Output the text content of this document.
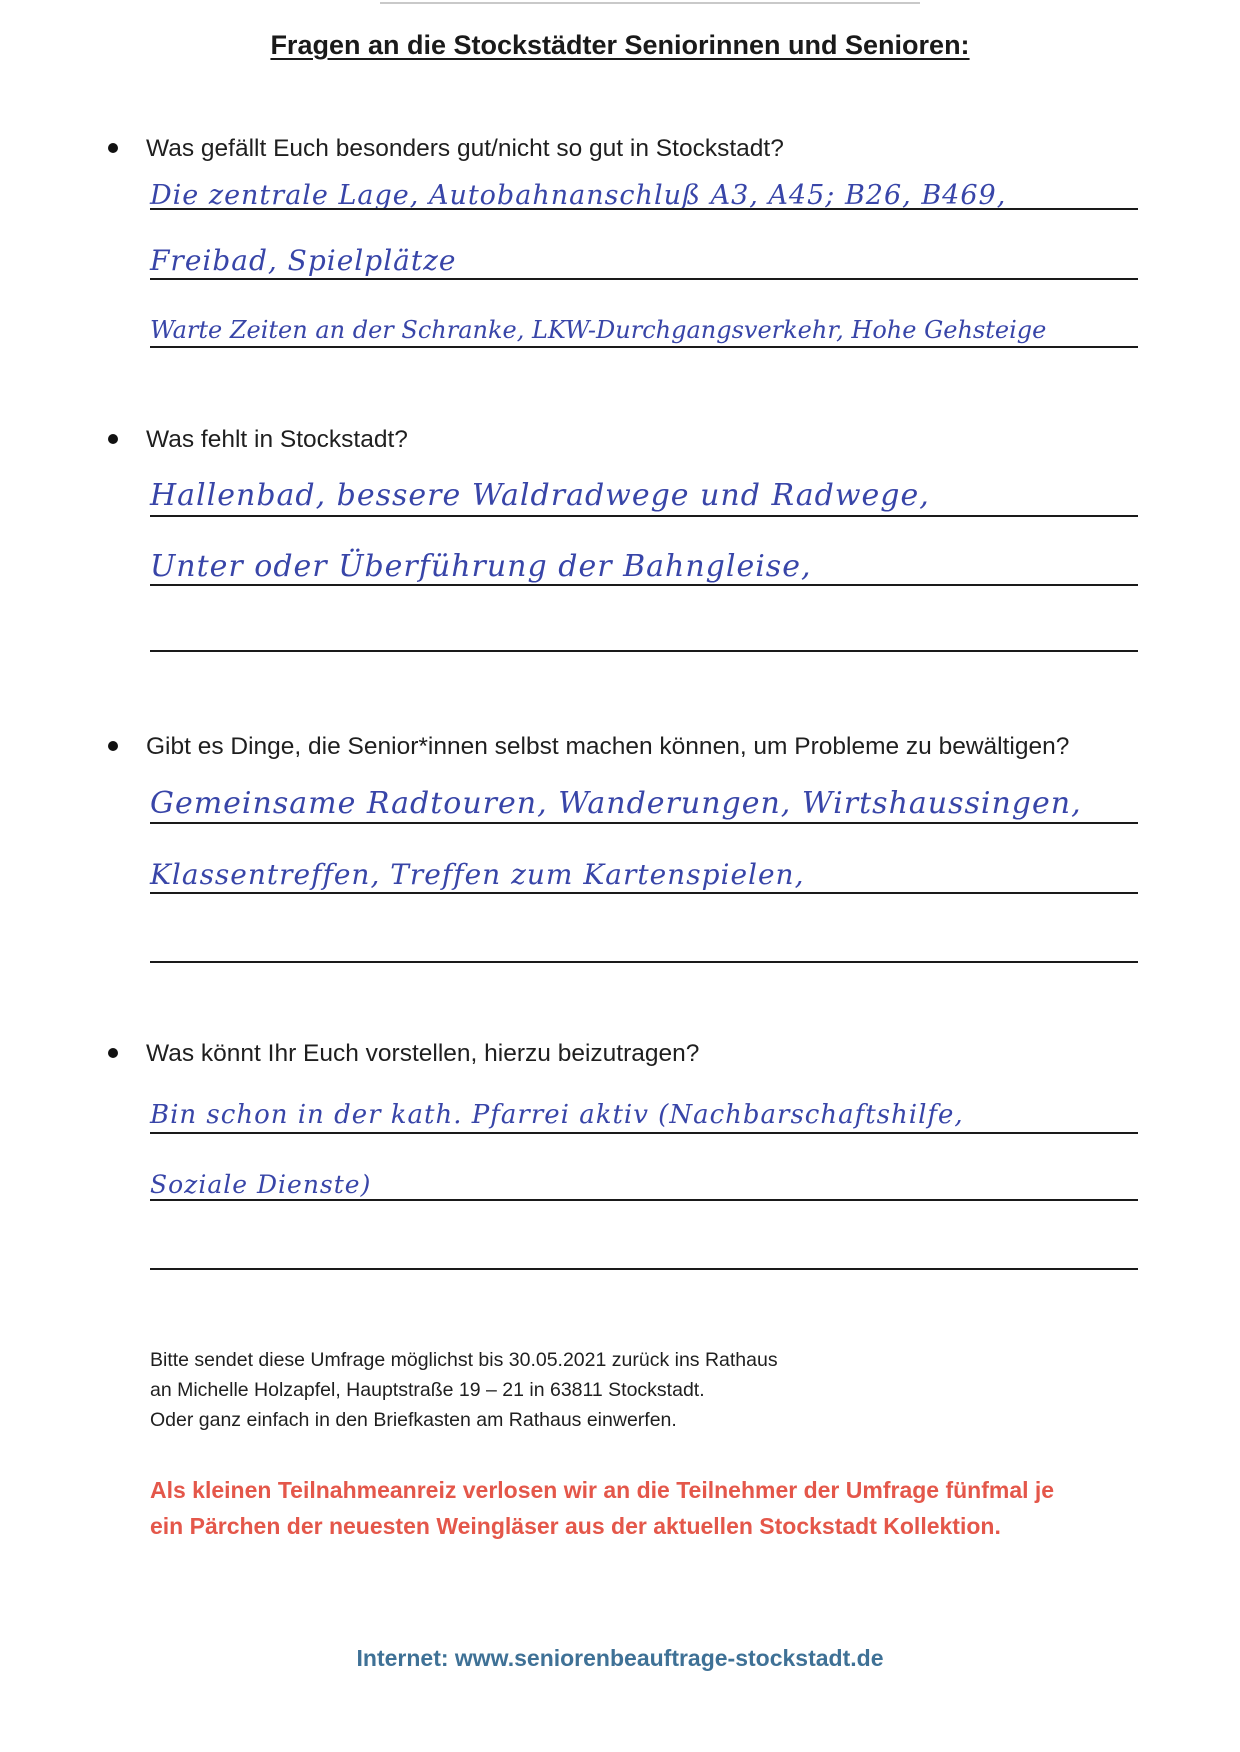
Fragen an die Stockstädter Seniorinnen und Senioren:
Was gefällt Euch besonders gut/nicht so gut in Stockstadt?
Die zentrale Lage, Autobahnanschluß A3, A45; B26, B469,
Freibad, Spielplätze
Warte Zeiten an der Schranke, LKW-Durchgangsverkehr, Hohe Gehsteige
Was fehlt in Stockstadt?
Hallenbad, bessere Waldradwege und Radwege,
Unter oder Überführung der Bahngleise,
Gibt es Dinge, die Senior*innen selbst machen können, um Probleme zu bewältigen?
Gemeinsame Radtouren, Wanderungen, Wirtshaussingen,
Klassentreffen, Treffen zum Kartenspielen,
Was könnt Ihr Euch vorstellen, hierzu beizutragen?
Bin schon in der kath. Pfarrei aktiv (Nachbarschaftshilfe,
Soziale Dienste)
Bitte sendet diese Umfrage möglichst bis 30.05.2021 zurück ins Rathaus
an Michelle Holzapfel, Hauptstraße 19 – 21 in 63811 Stockstadt.
Oder ganz einfach in den Briefkasten am Rathaus einwerfen.
Als kleinen Teilnahmeanreiz verlosen wir an die Teilnehmer der Umfrage fünfmal je
ein Pärchen der neuesten Weingläser aus der aktuellen Stockstadt Kollektion.
Internet: www.seniorenbeauftrage-stockstadt.de
